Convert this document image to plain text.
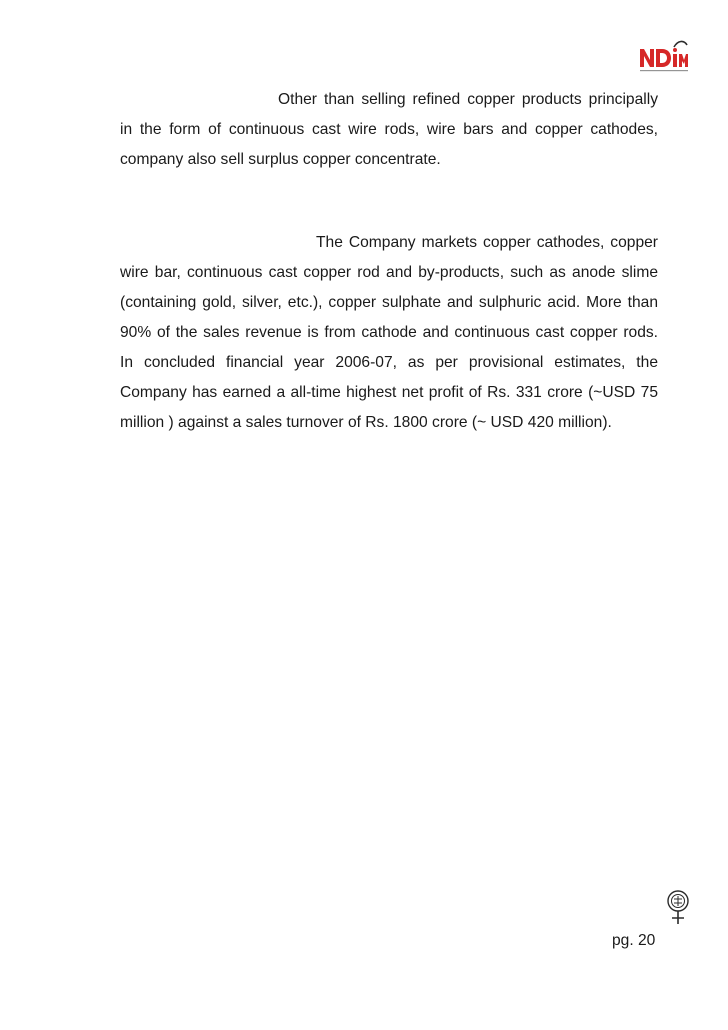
Other than selling refined copper products principally in the form of continuous cast wire rods, wire bars and copper cathodes, company also sell surplus copper concentrate.

The Company markets copper cathodes, copper wire bar, continuous cast copper rod and by-products, such as anode slime (containing gold, silver, etc.), copper sulphate and sulphuric acid. More than 90% of the sales revenue is from cathode and continuous cast copper rods. In concluded financial year 2006-07, as per provisional estimates, the Company has earned a all-time highest net profit of Rs. 331 crore (~USD 75 million ) against a sales turnover of Rs. 1800 crore (~ USD 420 million).

pg. 20
